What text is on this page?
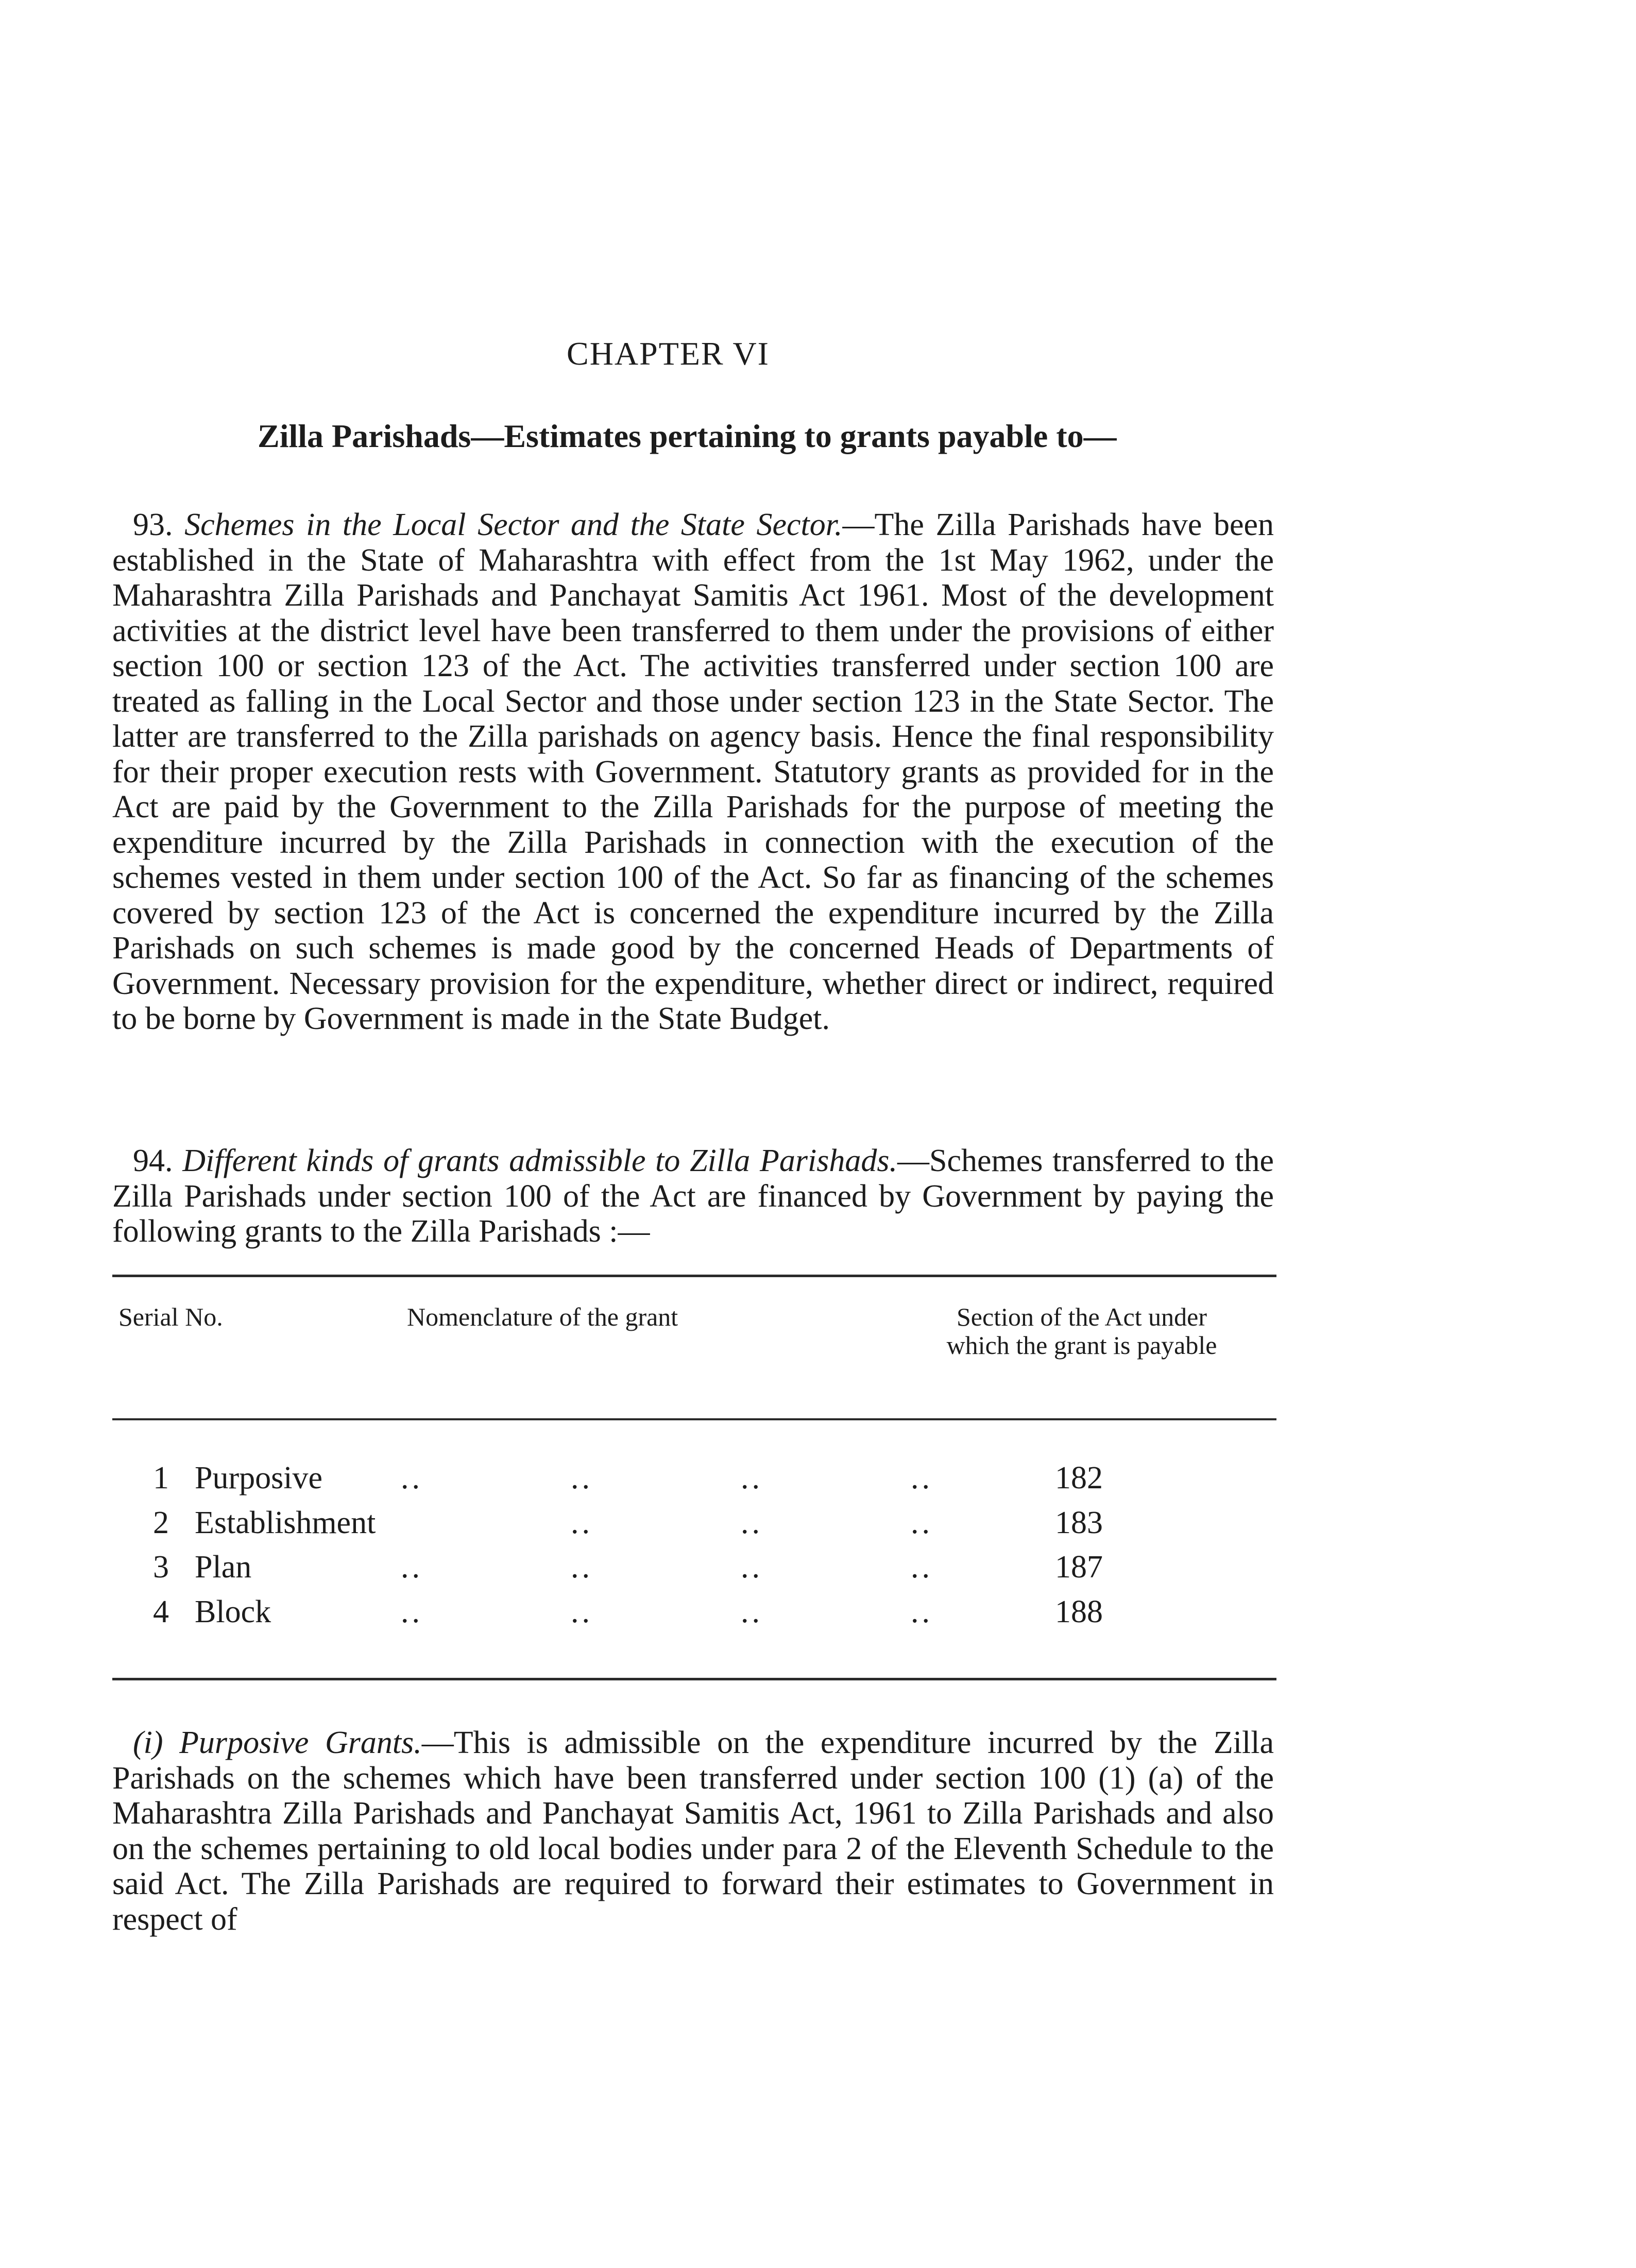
CHAPTER VI
Zilla Parishads—Estimates pertaining to grants payable to—
93. Schemes in the Local Sector and the State Sector.—The Zilla Parishads have been established in the State of Maharashtra with effect from the 1st May 1962, under the Maharashtra Zilla Parishads and Panchayat Samitis Act 1961. Most of the development activities at the district level have been transferred to them under the provisions of either section 100 or section 123 of the Act. The activities transferred under section 100 are treated as falling in the Local Sector and those under section 123 in the State Sector. The latter are transferred to the Zilla parishads on agency basis. Hence the final responsibility for their proper execution rests with Government. Statutory grants as provided for in the Act are paid by the Government to the Zilla Parishads for the purpose of meeting the expenditure incurred by the Zilla Parishads in connection with the execution of the schemes vested in them under section 100 of the Act. So far as financing of the schemes covered by section 123 of the Act is concerned the expenditure incurred by the Zilla Parishads on such schemes is made good by the concerned Heads of Departments of Government. Necessary provision for the expenditure, whether direct or indirect, required to be borne by Government is made in the State Budget.
94. Different kinds of grants admissible to Zilla Parishads.—Schemes transferred to the Zilla Parishads under section 100 of the Act are financed by Government by paying the following grants to the Zilla Parishads :—
Serial No.	Nomenclature of the grant	Section of the Act under which the grant is payable
1 Purposive	..	..	..	..	182
2 Establishment	..	..	..	183
3 Plan	..	..	..	..	187
4 Block	..	..	..	..	188
(i) Purposive Grants.—This is admissible on the expenditure incurred by the Zilla Parishads on the schemes which have been transferred under section 100 (1) (a) of the Maharashtra Zilla Parishads and Panchayat Samitis Act, 1961 to Zilla Parishads and also on the schemes pertaining to old local bodies under para 2 of the Eleventh Schedule to the said Act. The Zilla Parishads are required to forward their estimates to Government in respect of
